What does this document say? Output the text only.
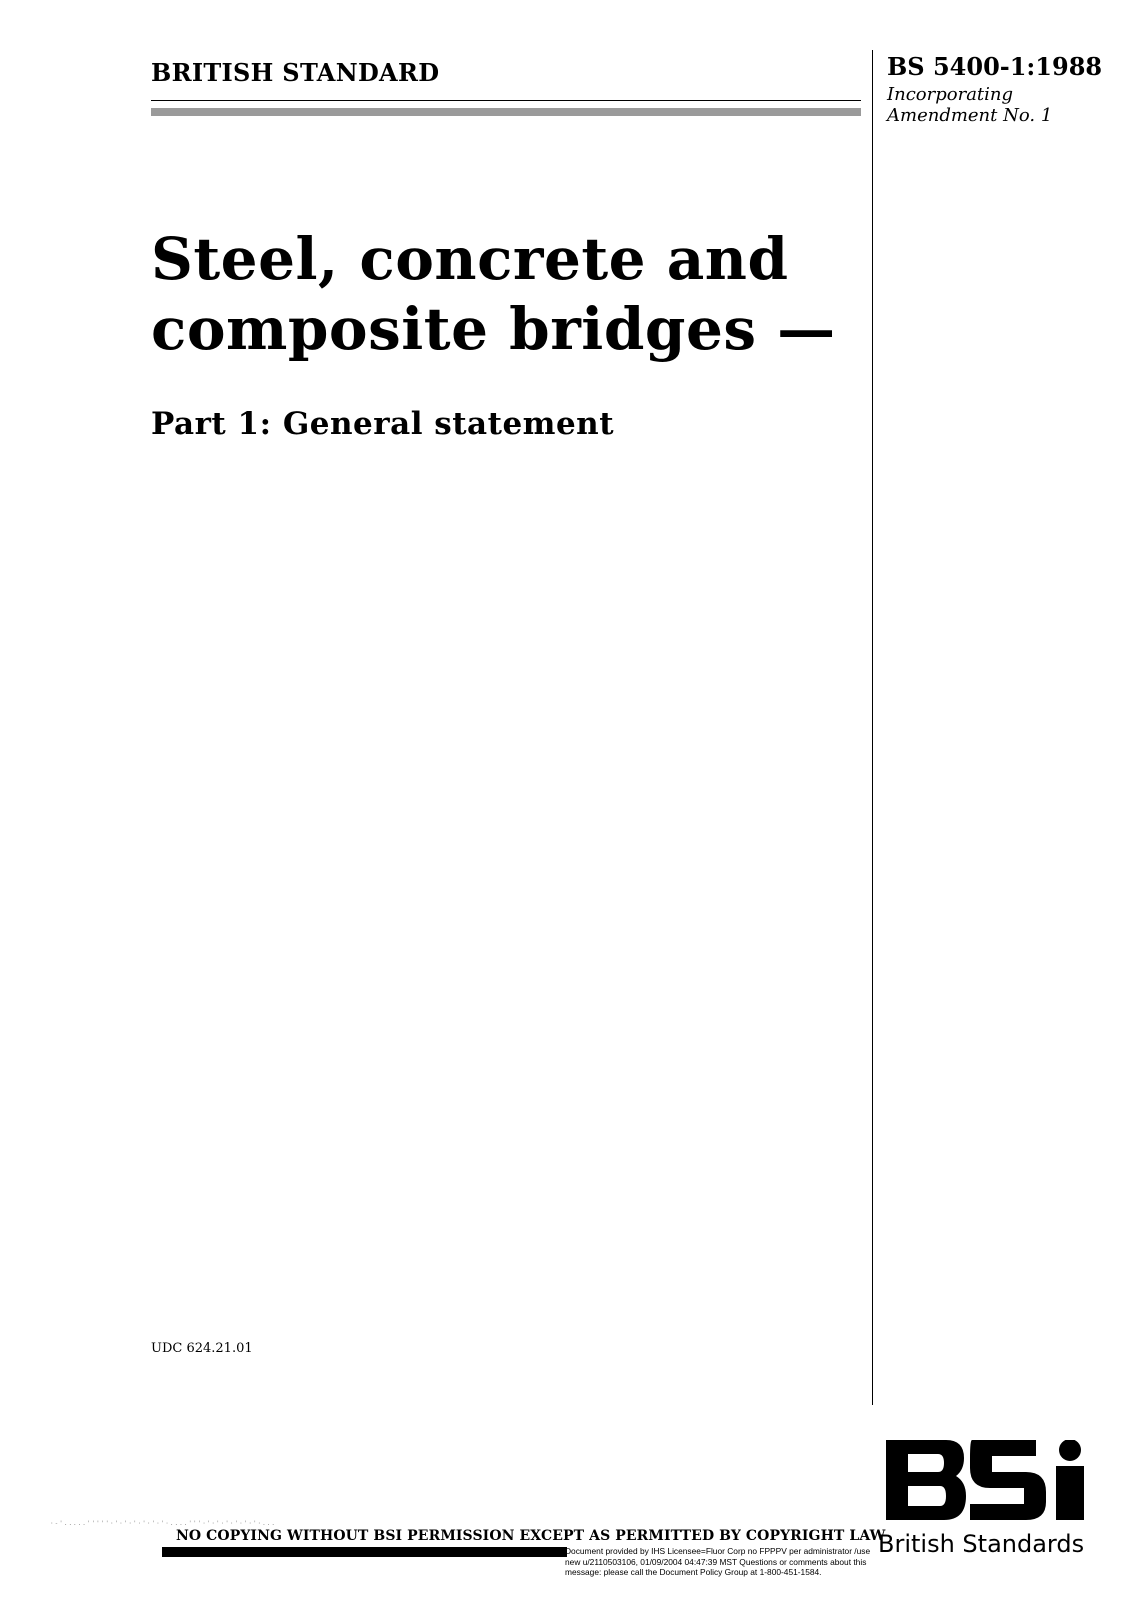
BRITISH STANDARD	BS 5400-1:1988
Incorporating
Amendment No. 1
Steel, concrete and
composite bridges —
Part 1: General statement
UDC 624.21.01
·-'.....'''''·'·'·'·'·'·'·....'''·'·'·'·'·'·'·...
NO COPYING WITHOUT BSI PERMISSION EXCEPT AS PERMITTED BY COPYRIGHT LAW
Document provided by IHS Licensee=Fluor Corp no FPPPV per administrator /use
new u/2110503106, 01/09/2004 04:47:39 MST Questions or comments about this
message: please call the Document Policy Group at 1-800-451-1584.
British Standards
